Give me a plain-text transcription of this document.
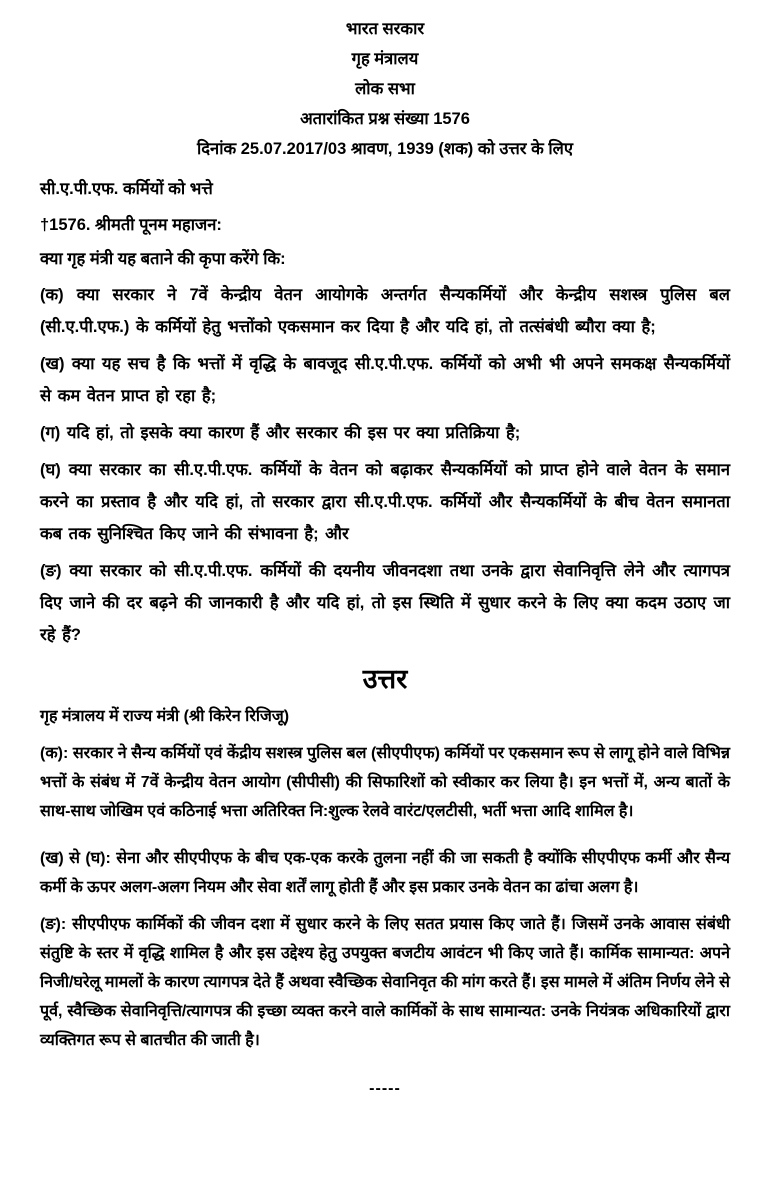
भारत सरकार
गृह मंत्रालय
लोक सभा
अतारांकित प्रश्न संख्या 1576
दिनांक 25.07.2017/03 श्रावण, 1939 (शक) को उत्तर के लिए
सी.ए.पी.एफ. कर्मियों को भत्ते
†1576. श्रीमती पूनम महाजन:
क्या गृह मंत्री यह बताने की कृपा करेंगे कि:
(क) क्या सरकार ने 7वें केन्द्रीय वेतन आयोगके अन्तर्गत सैन्यकर्मियों और केन्द्रीय सशस्त्र पुलिस बल (सी.ए.पी.एफ.) के कर्मियों हेतु भत्तोंको एकसमान कर दिया है और यदि हां, तो तत्संबंधी ब्यौरा क्या है;
(ख) क्या यह सच है कि भत्तों में वृद्धि के बावजूद सी.ए.पी.एफ. कर्मियों को अभी भी अपने समकक्ष सैन्यकर्मियों से कम वेतन प्राप्त हो रहा है;
(ग) यदि हां, तो इसके क्या कारण हैं और सरकार की इस पर क्या प्रतिक्रिया है;
(घ) क्या सरकार का सी.ए.पी.एफ. कर्मियों के वेतन को बढ़ाकर सैन्यकर्मियों को प्राप्त होने वाले वेतन के समान करने का प्रस्ताव है और यदि हां, तो सरकार द्वारा सी.ए.पी.एफ. कर्मियों और सैन्यकर्मियों के बीच वेतन समानता कब तक सुनिश्चित किए जाने की संभावना है; और
(ङ) क्या सरकार को सी.ए.पी.एफ. कर्मियों की दयनीय जीवनदशा तथा उनके द्वारा सेवानिवृत्ति लेने और त्यागपत्र दिए जाने की दर बढ़ने की जानकारी है और यदि हां, तो इस स्थिति में सुधार करने के लिए क्या कदम उठाए जा रहे हैं?
उत्तर
गृह मंत्रालय में राज्य मंत्री (श्री किरेन रिजिजू)
(क): सरकार ने सैन्य कर्मियों एवं केंद्रीय सशस्त्र पुलिस बल (सीएपीएफ) कर्मियों पर एकसमान रूप से लागू होने वाले विभिन्न भत्तों के संबंध में 7वें केन्द्रीय वेतन आयोग (सीपीसी) की सिफारिशों को स्वीकार कर लिया है। इन भत्तों में, अन्य बातों के साथ-साथ जोखिम एवं कठिनाई भत्ता अतिरिक्त नि:शुल्क रेलवे वारंट/एलटीसी, भर्ती भत्ता आदि शामिल है।
(ख) से (घ): सेना और सीएपीएफ के बीच एक-एक करके तुलना नहीं की जा सकती है क्योंकि सीएपीएफ कर्मी और सैन्य कर्मी के ऊपर अलग-अलग नियम और सेवा शर्तें लागू होती हैं और इस प्रकार उनके वेतन का ढांचा अलग है।
(ङ): सीएपीएफ कार्मिकों की जीवन दशा में सुधार करने के लिए सतत प्रयास किए जाते हैं। जिसमें उनके आवास संबंधी संतुष्टि के स्तर में वृद्धि शामिल है और इस उद्देश्य हेतु उपयुक्त बजटीय आवंटन भी किए जाते हैं। कार्मिक सामान्यत: अपने निजी/घरेलू मामलों के कारण त्यागपत्र देते हैं अथवा स्वैच्छिक सेवानिवृत की मांग करते हैं। इस मामले में अंतिम निर्णय लेने से पूर्व, स्वैच्छिक सेवानिवृत्ति/त्यागपत्र की इच्छा व्यक्त करने वाले कार्मिकों के साथ सामान्यत: उनके नियंत्रक अधिकारियों द्वारा व्यक्तिगत रूप से बातचीत की जाती है।
-----
